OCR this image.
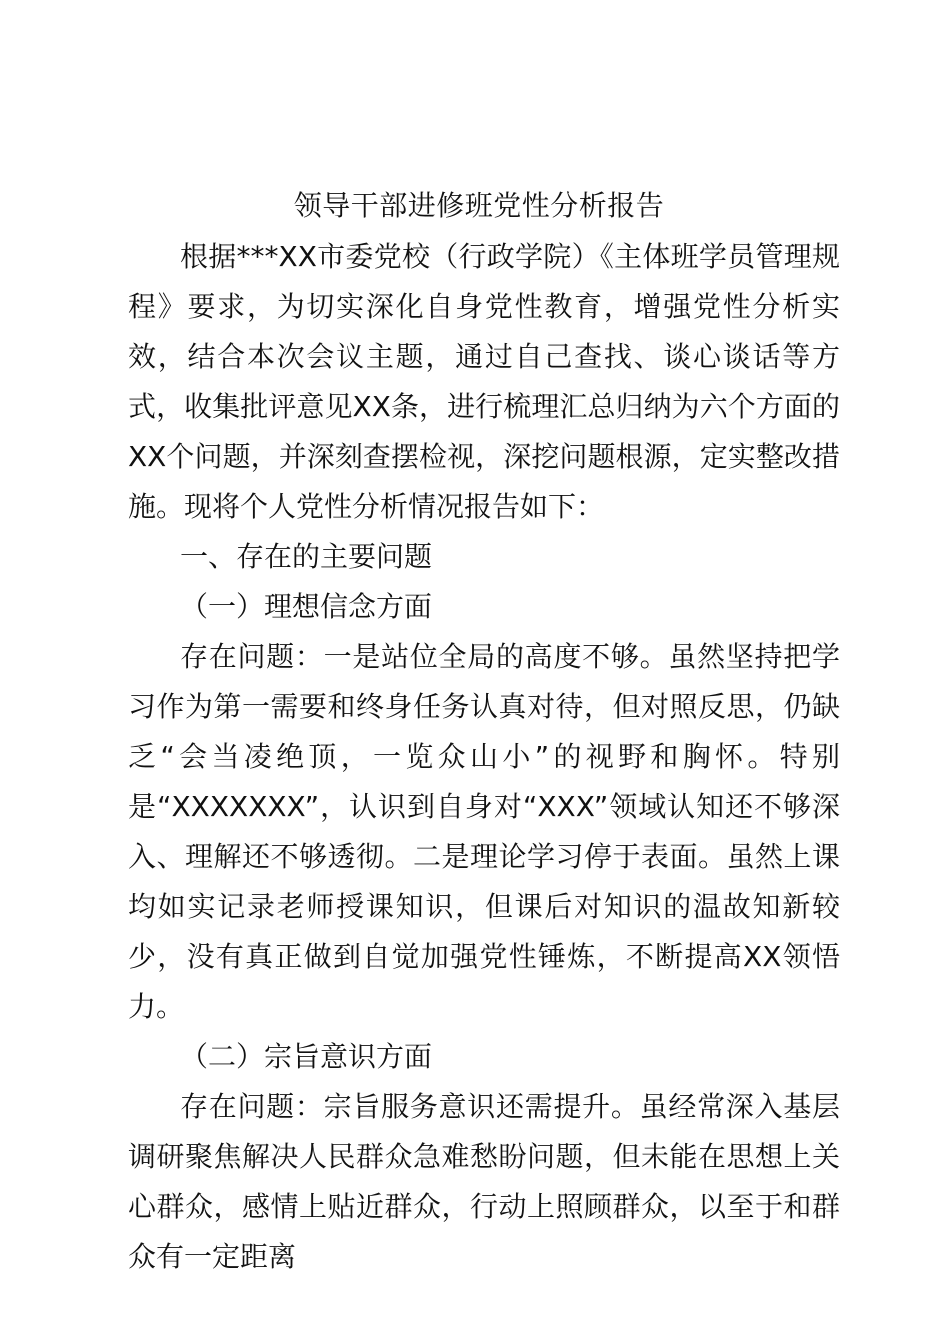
领导干部进修班党性分析报告

根据***XX市委党校（行政学院）《主体班学员管理规程》要求，为切实深化自身党性教育，增强党性分析实效，结合本次会议主题，通过自己查找、谈心谈话等方式，收集批评意见XX条，进行梳理汇总归纳为六个方面的XX个问题，并深刻查摆检视，深挖问题根源，定实整改措施。现将个人党性分析情况报告如下：

一、存在的主要问题

（一）理想信念方面

存在问题：一是站位全局的高度不够。虽然坚持把学习作为第一需要和终身任务认真对待，但对照反思，仍缺乏“会当凌绝顶，一览众山小”的视野和胸怀。特别是“XXXXXXX”，认识到自身对“XXX”领域认知还不够深入、理解还不够透彻。二是理论学习停于表面。虽然上课均如实记录老师授课知识，但课后对知识的温故知新较少，没有真正做到自觉加强党性锤炼，不断提高XX领悟力。

（二）宗旨意识方面

存在问题：宗旨服务意识还需提升。虽经常深入基层调研聚焦解决人民群众急难愁盼问题，但未能在思想上关心群众，感情上贴近群众，行动上照顾群众，以至于和群众有一定距离
